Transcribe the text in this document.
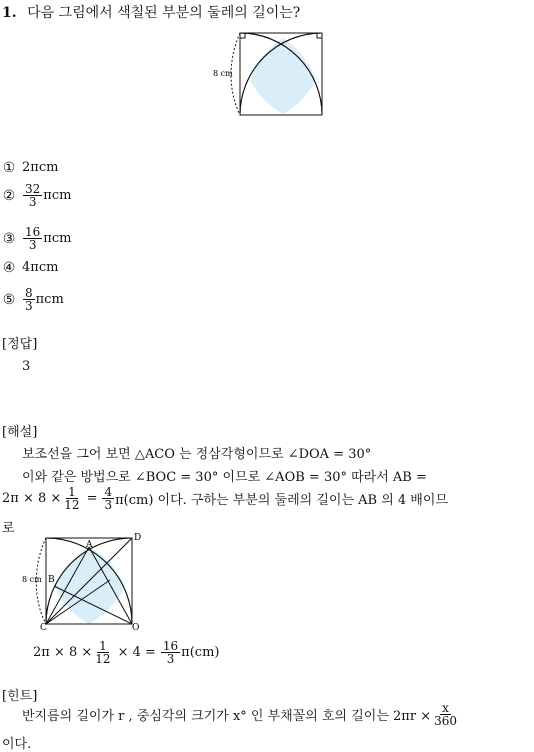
1. 다음 그림에서 색칠된 부분의 둘레의 길이는?
8 cm
① 2π cm
② $\frac{32}{3}$ πcm
③ $\frac{16}{3}$ πcm
④ 4π cm
⑤ $\frac{8}{3}$ πcm
[정답]
3
[해설]
보조선을 그어 보면 △ACO 는 정삼각형이므로 ∠DOA = 30°
이와 같은 방법으로 ∠BOC = 30° 이므로 ∠AOB = 30° 따라서 AB =
$2\pi \times 8 \times \frac{1}{12} = \frac{4}{3} \pi(cm)$ 이다. 구하는 부분의 둘레의 길이는 AB 의 4 배이므
로
A
D
B
C	O
8 cm
$2\pi \times 8 \times \frac{1}{12} \times 4 = \frac{16}{3} \pi(cm)$
[힌트]
반지름의 길이가 r , 중심각의 크기가 x° 인 부채꼴의 호의 길이는 $2\pi r \times \frac{x}{360}$
이다.
